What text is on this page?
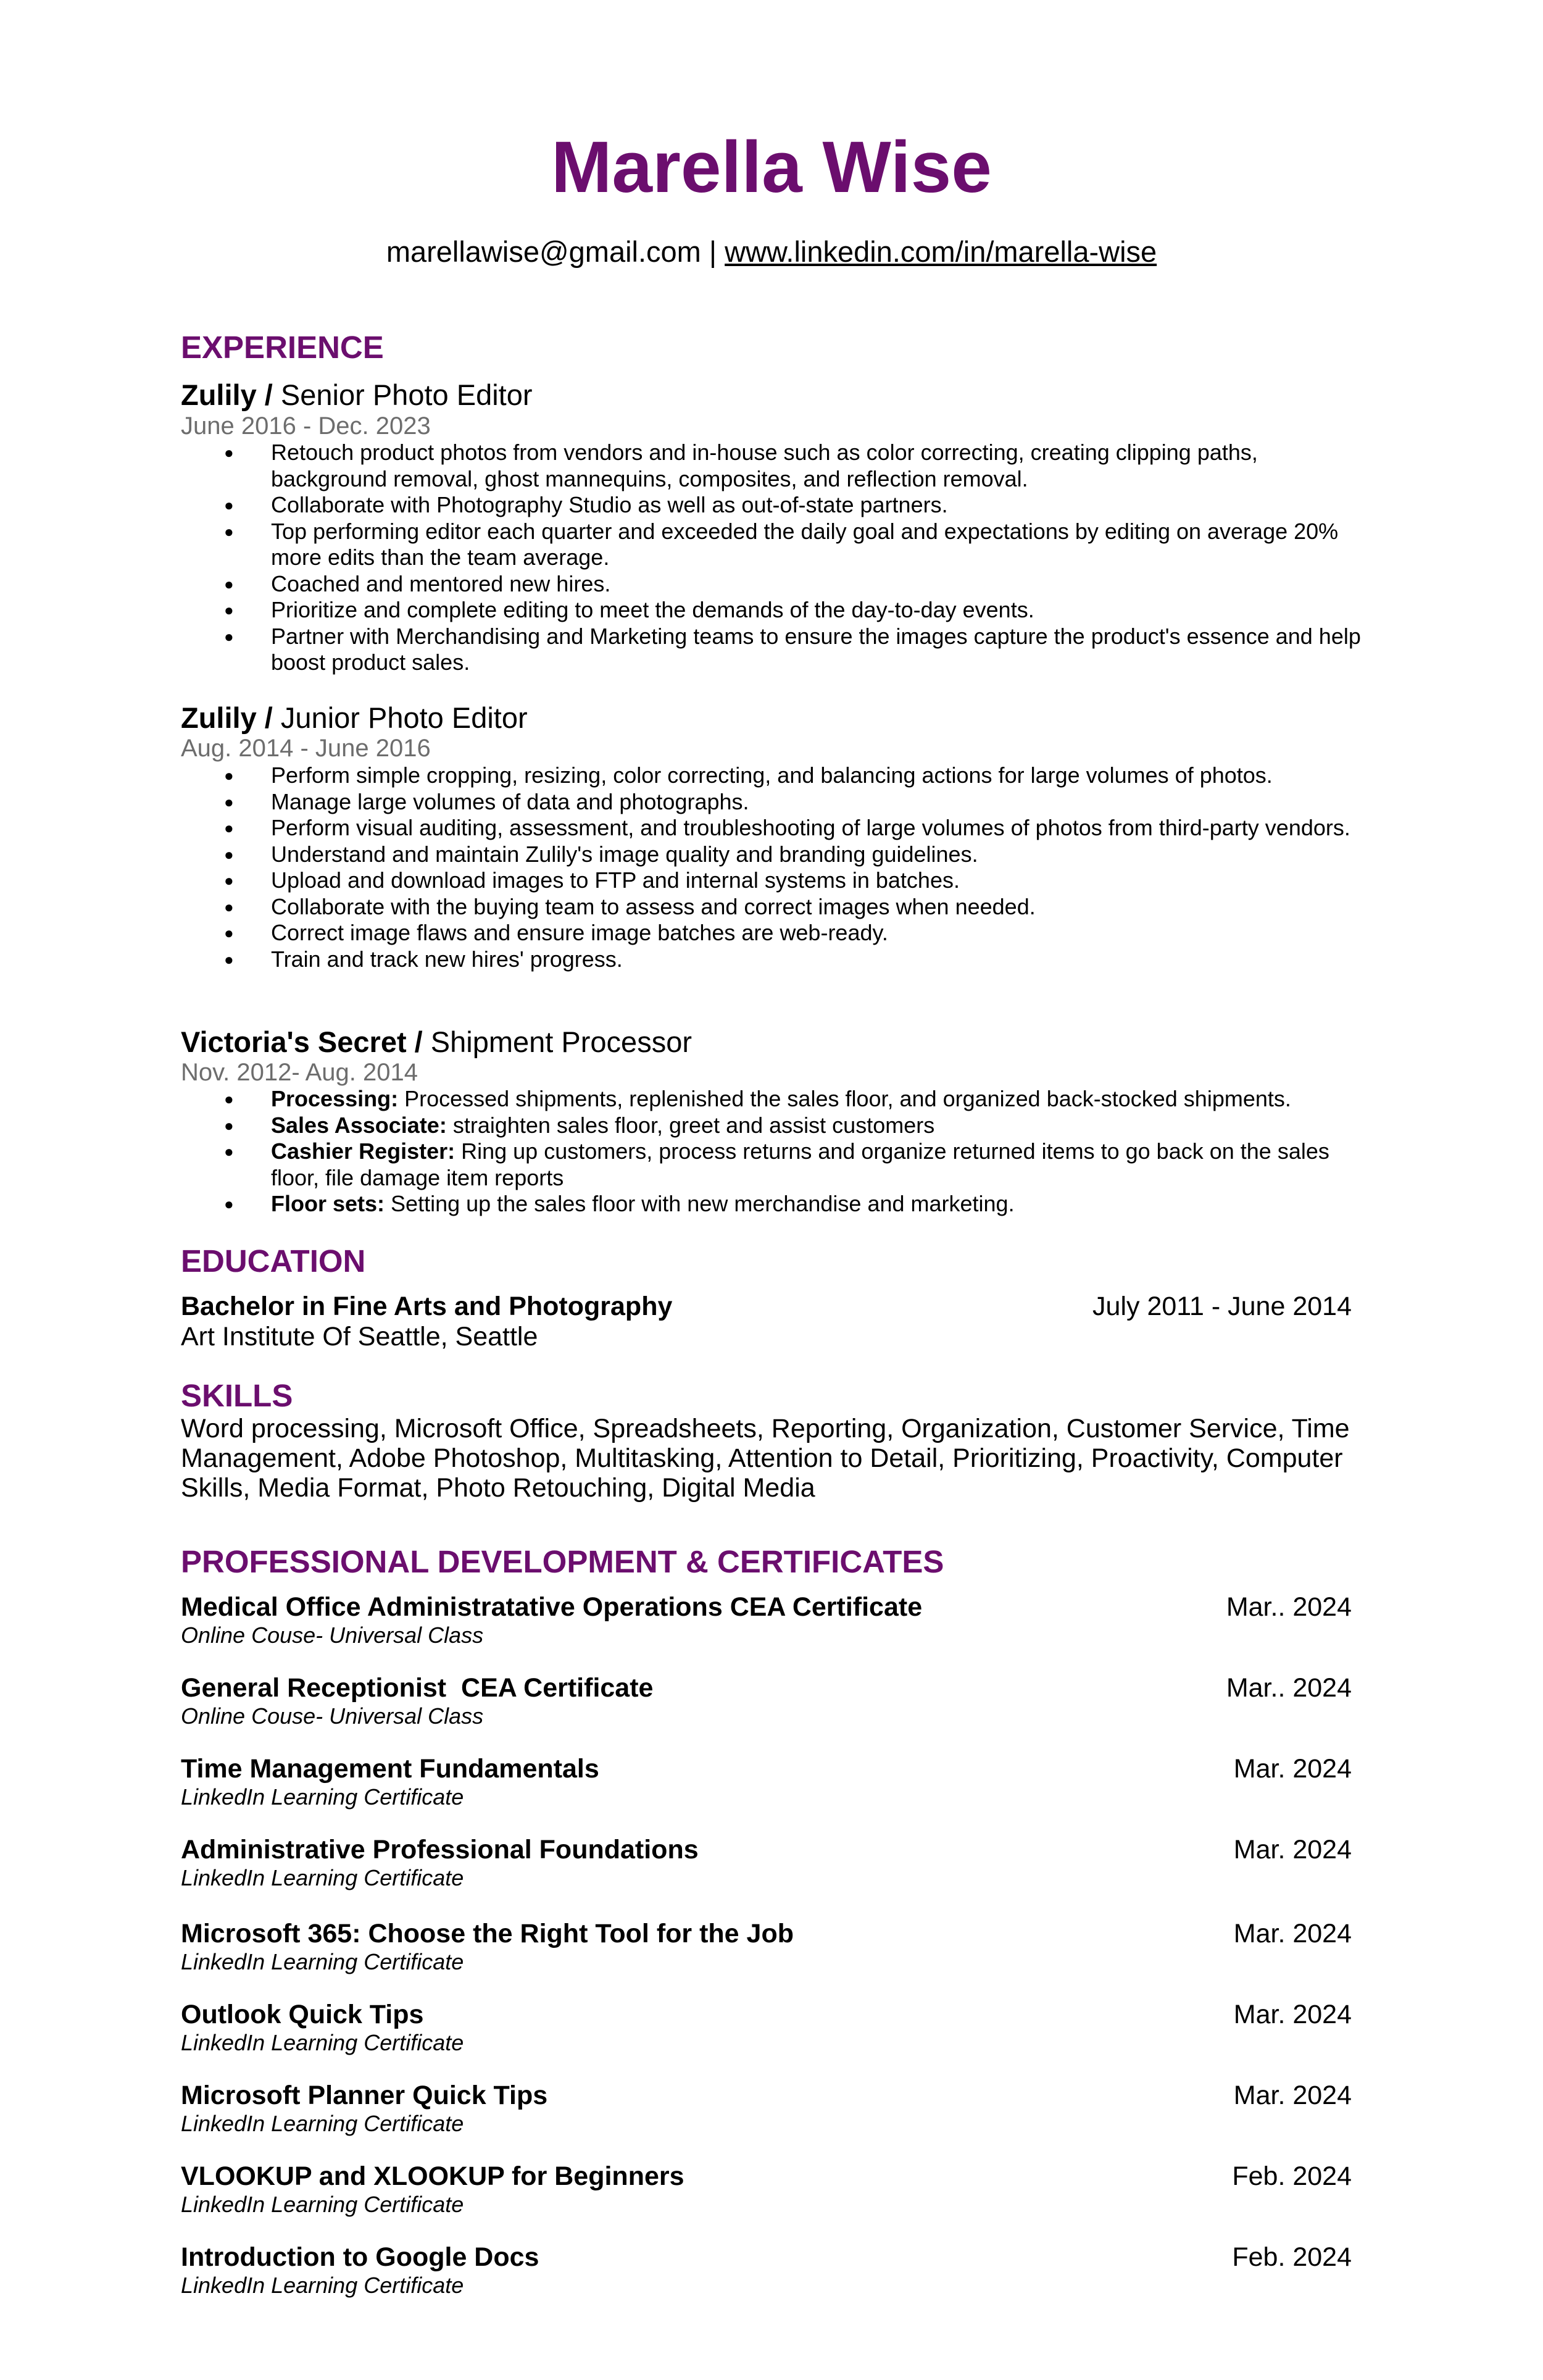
Marella Wise
marellawise@gmail.com | www.linkedin.com/in/marella-wise
EXPERIENCE
Zulily / Senior Photo Editor
June 2016 - Dec. 2023
● Retouch product photos from vendors and in-house such as color correcting, creating clipping paths, background removal, ghost mannequins, composites, and reflection removal.
● Collaborate with Photography Studio as well as out-of-state partners.
● Top performing editor each quarter and exceeded the daily goal and expectations by editing on average 20% more edits than the team average.
● Coached and mentored new hires.
● Prioritize and complete editing to meet the demands of the day-to-day events.
● Partner with Merchandising and Marketing teams to ensure the images capture the product's essence and help boost product sales.
Zulily / Junior Photo Editor
Aug. 2014 - June 2016
● Perform simple cropping, resizing, color correcting, and balancing actions for large volumes of photos.
● Manage large volumes of data and photographs.
● Perform visual auditing, assessment, and troubleshooting of large volumes of photos from third-party vendors.
● Understand and maintain Zulily's image quality and branding guidelines.
● Upload and download images to FTP and internal systems in batches.
● Collaborate with the buying team to assess and correct images when needed.
● Correct image flaws and ensure image batches are web-ready.
● Train and track new hires' progress.
Victoria's Secret / Shipment Processor
Nov. 2012- Aug. 2014
● Processing: Processed shipments, replenished the sales floor, and organized back-stocked shipments.
● Sales Associate: straighten sales floor, greet and assist customers
● Cashier Register: Ring up customers, process returns and organize returned items to go back on the sales floor, file damage item reports
● Floor sets: Setting up the sales floor with new merchandise and marketing.
EDUCATION
Bachelor in Fine Arts and Photography	July 2011 - June 2014
Art Institute Of Seattle, Seattle
SKILLS
Word processing, Microsoft Office, Spreadsheets, Reporting, Organization, Customer Service, Time Management, Adobe Photoshop, Multitasking, Attention to Detail, Prioritizing, Proactivity, Computer Skills, Media Format, Photo Retouching, Digital Media
PROFESSIONAL DEVELOPMENT & CERTIFICATES
Medical Office Administratative Operations CEA Certificate	Mar.. 2024
Online Couse- Universal Class
General Receptionist  CEA Certificate	Mar.. 2024
Online Couse- Universal Class
Time Management Fundamentals	Mar. 2024
LinkedIn Learning Certificate
Administrative Professional Foundations	Mar. 2024
LinkedIn Learning Certificate
Microsoft 365: Choose the Right Tool for the Job	Mar. 2024
LinkedIn Learning Certificate
Outlook Quick Tips	Mar. 2024
LinkedIn Learning Certificate
Microsoft Planner Quick Tips	Mar. 2024
LinkedIn Learning Certificate
VLOOKUP and XLOOKUP for Beginners	Feb. 2024
LinkedIn Learning Certificate
Introduction to Google Docs	Feb. 2024
LinkedIn Learning Certificate
